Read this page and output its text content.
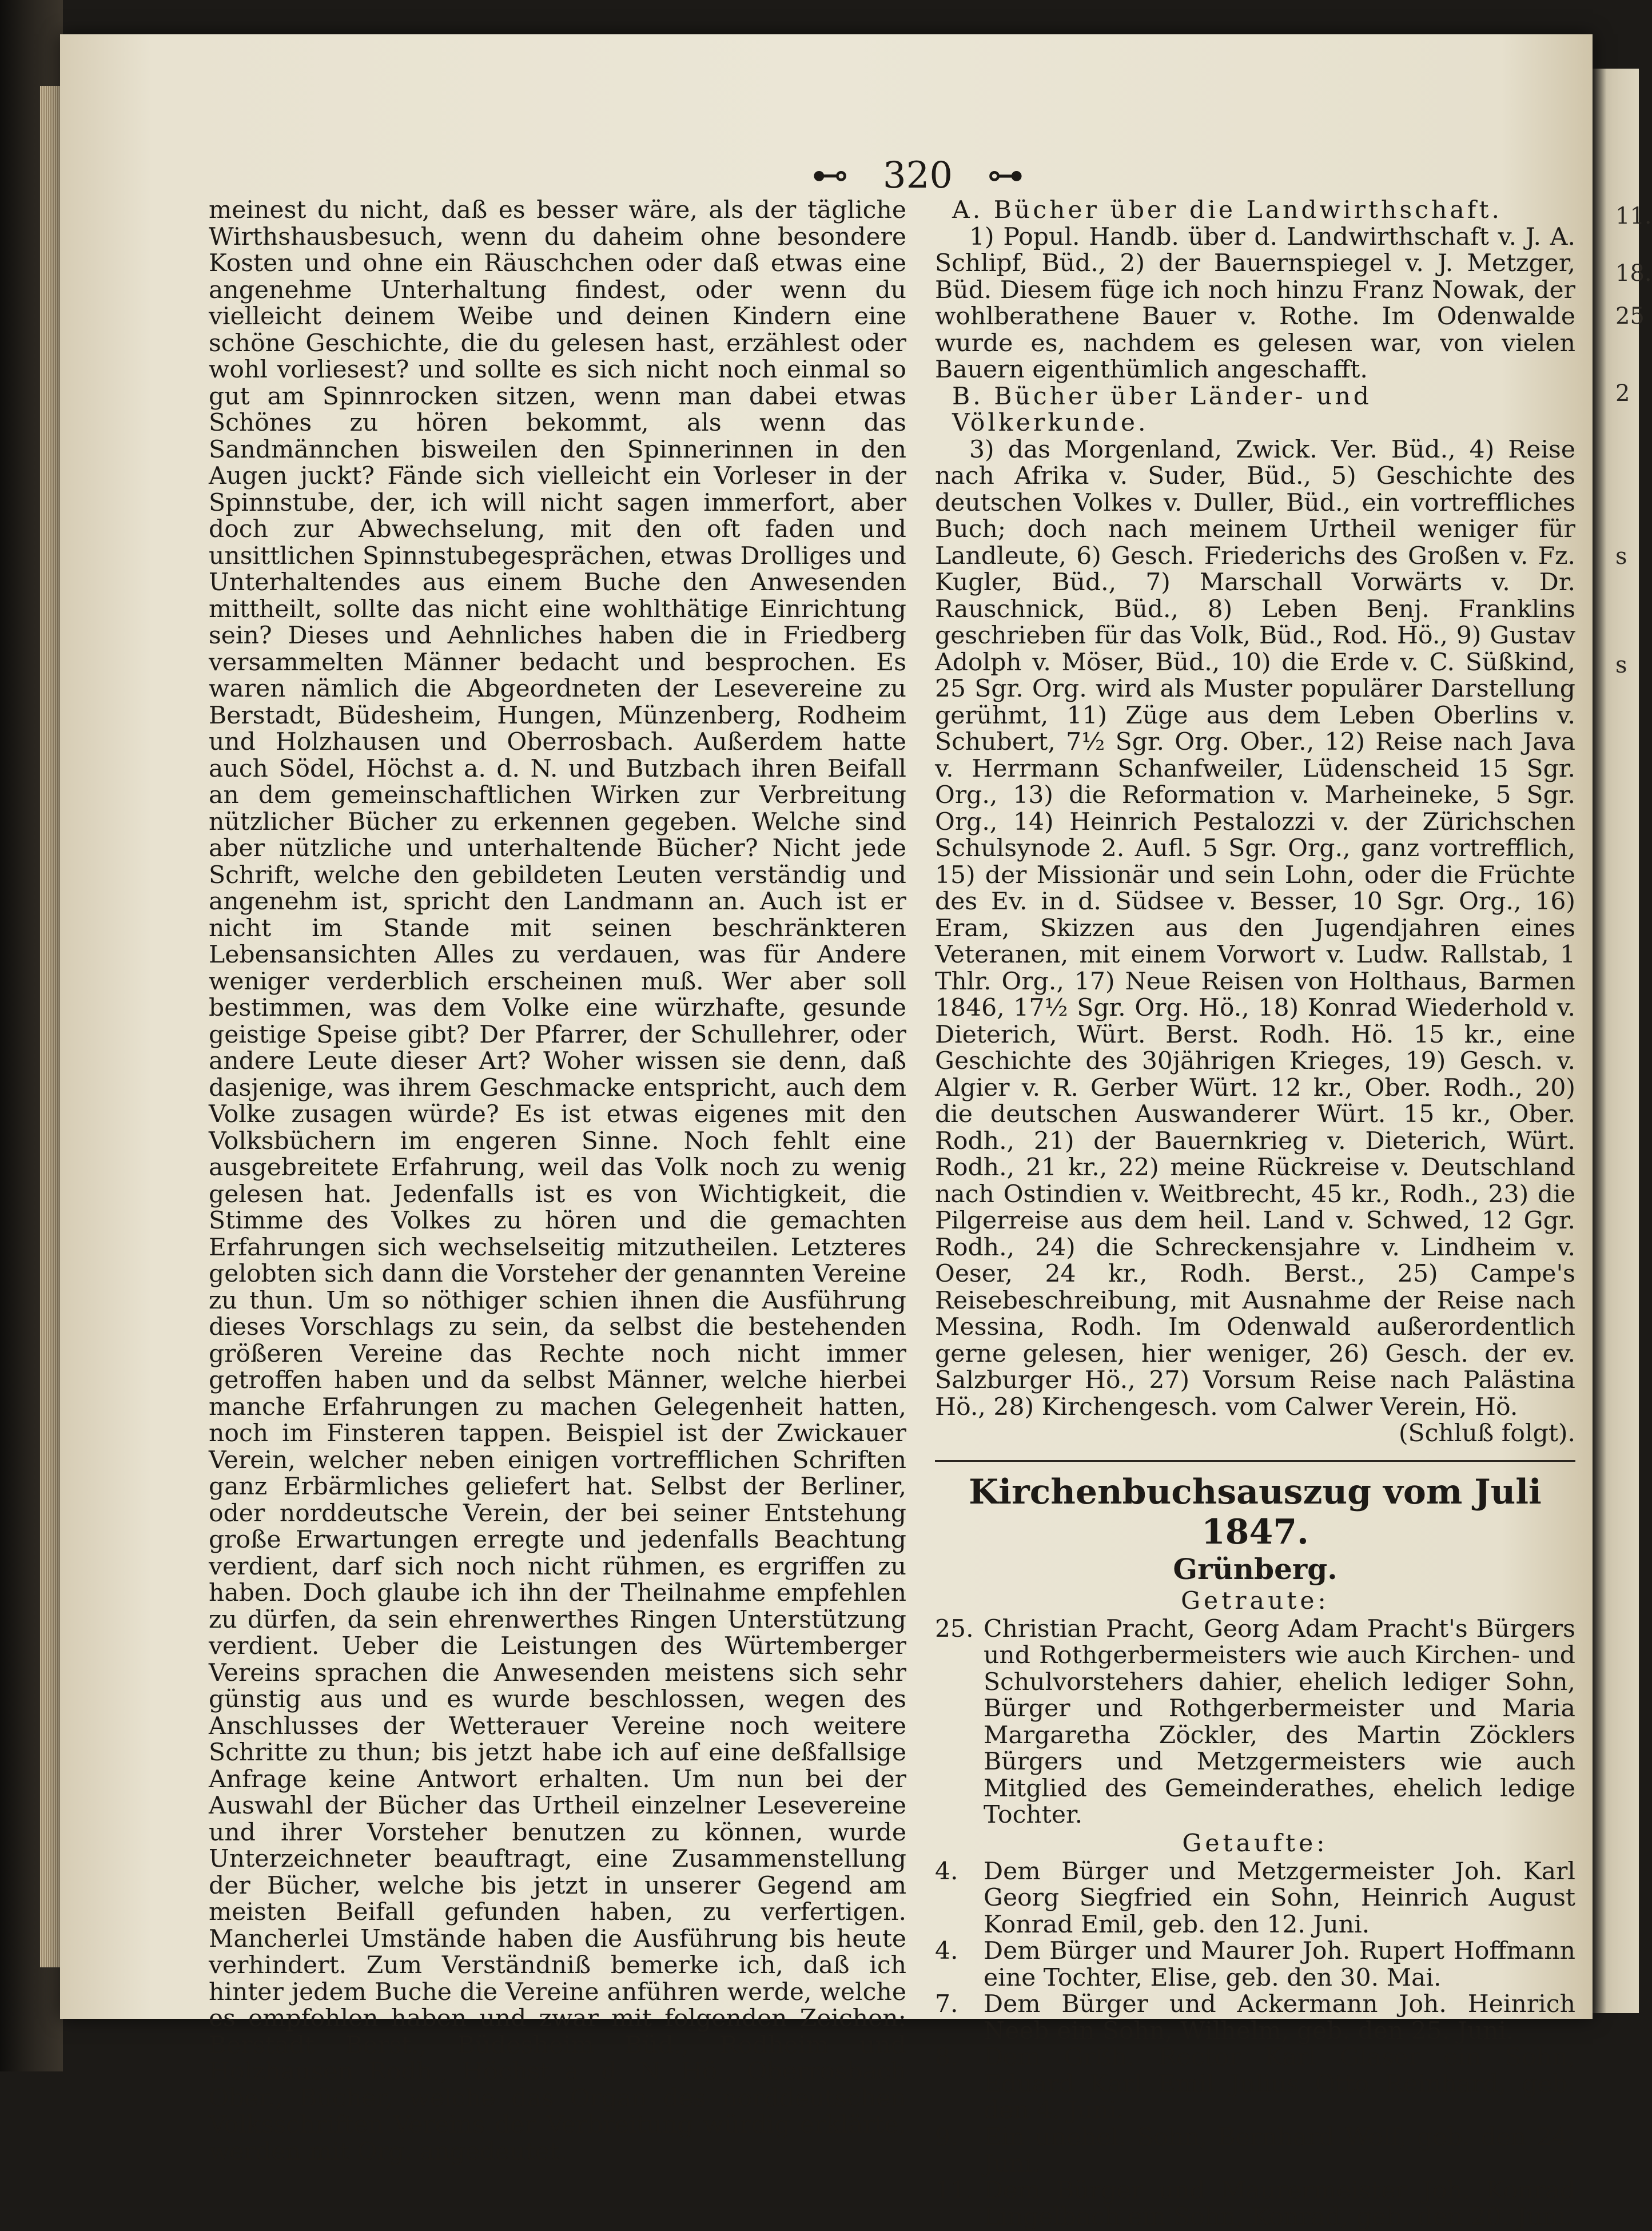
11.
18.
25
2
s
s
⊷ 320 ⊶

meinest du nicht, daß es besser wäre, als der tägliche Wirthshausbesuch, wenn du daheim ohne besondere Kosten und ohne ein Räuschchen oder daß etwas eine angenehme Unterhaltung findest, oder wenn du vielleicht deinem Weibe und deinen Kindern eine schöne Geschichte, die du gelesen hast, erzählest oder wohl vorliesest? und sollte es sich nicht noch einmal so gut am Spinnrocken sitzen, wenn man dabei etwas Schönes zu hören bekommt, als wenn das Sandmännchen bisweilen den Spinnerinnen in den Augen juckt? Fände sich vielleicht ein Vorleser in der Spinnstube, der, ich will nicht sagen immerfort, aber doch zur Abwechselung, mit den oft faden und unsittlichen Spinnstubegesprächen, etwas Drolliges und Unterhaltendes aus einem Buche den Anwesenden mittheilt, sollte das nicht eine wohlthätige Einrichtung sein? Dieses und Aehnliches haben die in Friedberg versammelten Männer bedacht und besprochen. Es waren nämlich die Abgeordneten der Lesevereine zu Berstadt, Büdesheim, Hungen, Münzenberg, Rodheim und Holzhausen und Oberrosbach. Außerdem hatte auch Södel, Höchst a. d. N. und Butzbach ihren Beifall an dem gemeinschaftlichen Wirken zur Verbreitung nützlicher Bücher zu erkennen gegeben. Welche sind aber nützliche und unterhaltende Bücher? Nicht jede Schrift, welche den gebildeten Leuten verständig und angenehm ist, spricht den Landmann an. Auch ist er nicht im Stande mit seinen beschränkteren Lebensansichten Alles zu verdauen, was für Andere weniger verderblich erscheinen muß. Wer aber soll bestimmen, was dem Volke eine würzhafte, gesunde geistige Speise gibt? Der Pfarrer, der Schullehrer, oder andere Leute dieser Art? Woher wissen sie denn, daß dasjenige, was ihrem Geschmacke entspricht, auch dem Volke zusagen würde? Es ist etwas eigenes mit den Volksbüchern im engeren Sinne. Noch fehlt eine ausgebreitete Erfahrung, weil das Volk noch zu wenig gelesen hat. Jedenfalls ist es von Wichtigkeit, die Stimme des Volkes zu hören und die gemachten Erfahrungen sich wechselseitig mitzutheilen. Letzteres gelobten sich dann die Vorsteher der genannten Vereine zu thun. Um so nöthiger schien ihnen die Ausführung dieses Vorschlags zu sein, da selbst die bestehenden größeren Vereine das Rechte noch nicht immer getroffen haben und da selbst Männer, welche hierbei manche Erfahrungen zu machen Gelegenheit hatten, noch im Finsteren tappen. Beispiel ist der Zwickauer Verein, welcher neben einigen vortrefflichen Schriften ganz Erbärmliches geliefert hat. Selbst der Berliner, oder norddeutsche Verein, der bei seiner Entstehung große Erwartungen erregte und jedenfalls Beachtung verdient, darf sich noch nicht rühmen, es ergriffen zu haben. Doch glaube ich ihn der Theilnahme empfehlen zu dürfen, da sein ehrenwerthes Ringen Unterstützung verdient. Ueber die Leistungen des Würtemberger Vereins sprachen die Anwesenden meistens sich sehr günstig aus und es wurde beschlossen, wegen des Anschlusses der Wetterauer Vereine noch weitere Schritte zu thun; bis jetzt habe ich auf eine deßfallsige Anfrage keine Antwort erhalten. Um nun bei der Auswahl der Bücher das Urtheil einzelner Lesevereine und ihrer Vorsteher benutzen zu können, wurde Unterzeichneter beauftragt, eine Zusammenstellung der Bücher, welche bis jetzt in unserer Gegend am meisten Beifall gefunden haben, zu verfertigen. Mancherlei Umstände haben die Ausführung bis heute verhindert. Zum Verständniß bemerke ich, daß ich hinter jedem Buche die Vereine anführen werde, welche es empfohlen haben und zwar mit folgenden Zeichen: Berstadt Berst., Büdesheim Büd., Rodheim und Holzhausen Rodh., Höchst a. d. N. Hö., Oberrosbach Ober., Bücher, welche das Organ des norddeutschen Volksschriften Vereins der Verbreitung würdig erklärte, werden mit Org. angedeutet.

A. Bücher über die Landwirthschaft.

1) Popul. Handb. über d. Landwirthschaft v. J. A. Schlipf, Büd., 2) der Bauernspiegel v. J. Metzger, Büd. Diesem füge ich noch hinzu Franz Nowak, der wohlberathene Bauer v. Rothe. Im Odenwalde wurde es, nachdem es gelesen war, von vielen Bauern eigenthümlich angeschafft.

B. Bücher über Länder- und Völkerkunde.

3) das Morgenland, Zwick. Ver. Büd., 4) Reise nach Afrika v. Suder, Büd., 5) Geschichte des deutschen Volkes v. Duller, Büd., ein vortreffliches Buch; doch nach meinem Urtheil weniger für Landleute, 6) Gesch. Friederichs des Großen v. Fz. Kugler, Büd., 7) Marschall Vorwärts v. Dr. Rauschnick, Büd., 8) Leben Benj. Franklins geschrieben für das Volk, Büd., Rod. Hö., 9) Gustav Adolph v. Möser, Büd., 10) die Erde v. C. Süßkind, 25 Sgr. Org. wird als Muster populärer Darstellung gerühmt, 11) Züge aus dem Leben Oberlins v. Schubert, 7½ Sgr. Org. Ober., 12) Reise nach Java v. Herrmann Schanfweiler, Lüdenscheid 15 Sgr. Org., 13) die Reformation v. Marheineke, 5 Sgr. Org., 14) Heinrich Pestalozzi v. der Zürichschen Schulsynode 2. Aufl. 5 Sgr. Org., ganz vortrefflich, 15) der Missionär und sein Lohn, oder die Früchte des Ev. in d. Südsee v. Besser, 10 Sgr. Org., 16) Eram, Skizzen aus den Jugendjahren eines Veteranen, mit einem Vorwort v. Ludw. Rallstab, 1 Thlr. Org., 17) Neue Reisen von Holthaus, Barmen 1846, 17½ Sgr. Org. Hö., 18) Konrad Wiederhold v. Dieterich, Würt. Berst. Rodh. Hö. 15 kr., eine Geschichte des 30jährigen Krieges, 19) Gesch. v. Algier v. R. Gerber Würt. 12 kr., Ober. Rodh., 20) die deutschen Auswanderer Würt. 15 kr., Ober. Rodh., 21) der Bauernkrieg v. Dieterich, Würt. Rodh., 21 kr., 22) meine Rückreise v. Deutschland nach Ostindien v. Weitbrecht, 45 kr., Rodh., 23) die Pilgerreise aus dem heil. Land v. Schwed, 12 Ggr. Rodh., 24) die Schreckensjahre v. Lindheim v. Oeser, 24 kr., Rodh. Berst., 25) Campe's Reisebeschreibung, mit Ausnahme der Reise nach Messina, Rodh. Im Odenwald außerordentlich gerne gelesen, hier weniger, 26) Gesch. der ev. Salzburger Hö., 27) Vorsum Reise nach Palästina Hö., 28) Kirchengesch. vom Calwer Verein, Hö.

(Schluß folgt).

Kirchenbuchsauszug vom Juli 1847.

Grünberg.

Getraute:

25. Christian Pracht, Georg Adam Pracht's Bürgers und Rothgerbermeisters wie auch Kirchen- und Schulvorstehers dahier, ehelich lediger Sohn, Bürger und Rothgerbermeister und Maria Margaretha Zöckler, des Martin Zöcklers Bürgers und Metzgermeisters wie auch Mitglied des Gemeinderathes, ehelich ledige Tochter.

Getaufte:

4.	Dem Bürger und Metzgermeister Joh. Karl Georg Siegfried ein Sohn, Heinrich August Konrad Emil, geb. den 12. Juni.
4.	Dem Bürger und Maurer Joh. Rupert Hoffmann eine Tochter, Elise, geb. den 30. Mai.
7.	Dem Bürger und Ackermann Joh. Heinrich Neeb ein Sohn, Wilhelm, geb. den 25. Juni.
8.	Dem Grßh. Rector Karl Glaser ein Sohn, Eduard Karl Emil Julius Otto Reinhard, geb. den 4. Juni.
9.	Ein unehel. Sohn, Bernhard Wolf, geb. den 24. Juni.
11. Dem Bürger und Maurermeister Joh. Konrad Lingelbach ein Sohn, Konrad, geb. den 20. Juni.
